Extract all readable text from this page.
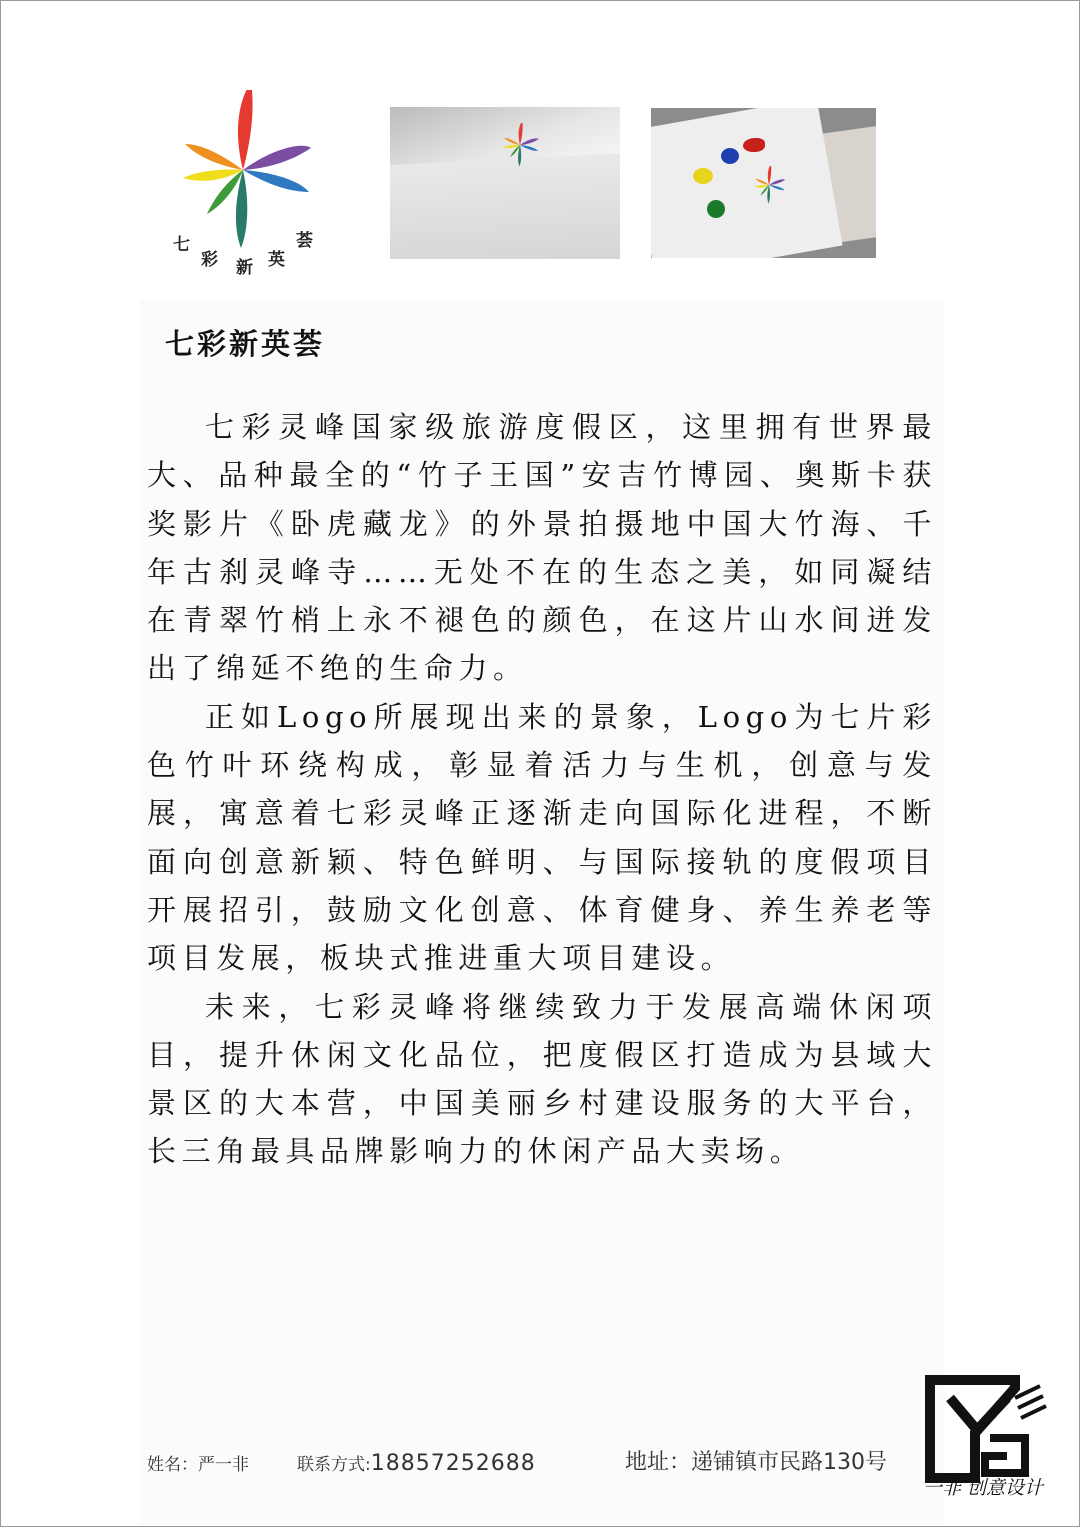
七
彩 新 英
荟
七彩新英荟

七彩灵峰国家级旅游度假区，这里拥有世界最大、品种最全的“竹子王国”安吉竹博园、奥斯卡获奖影片《卧虎藏龙》的外景拍摄地中国大竹海、千年古刹灵峰寺……无处不在的生态之美，如同凝结在青翠竹梢上永不褪色的颜色，在这片山水间迸发出了绵延不绝的生命力。

正如Logo所展现出来的景象，Logo为七片彩色竹叶环绕构成，彰显着活力与生机，创意与发展，寓意着七彩灵峰正逐渐走向国际化进程，不断面向创意新颖、特色鲜明、与国际接轨的度假项目开展招引，鼓励文化创意、体育健身、养生养老等项目发展，板块式推进重大项目建设。

未来，七彩灵峰将继续致力于发展高端休闲项目，提升休闲文化品位，把度假区打造成为县域大景区的大本营，中国美丽乡村建设服务的大平台，长三角最具品牌影响力的休闲产品大卖场。

姓名：严一非	联系方式:18857252688	地址：递铺镇市民路130号
一非 创意设计
